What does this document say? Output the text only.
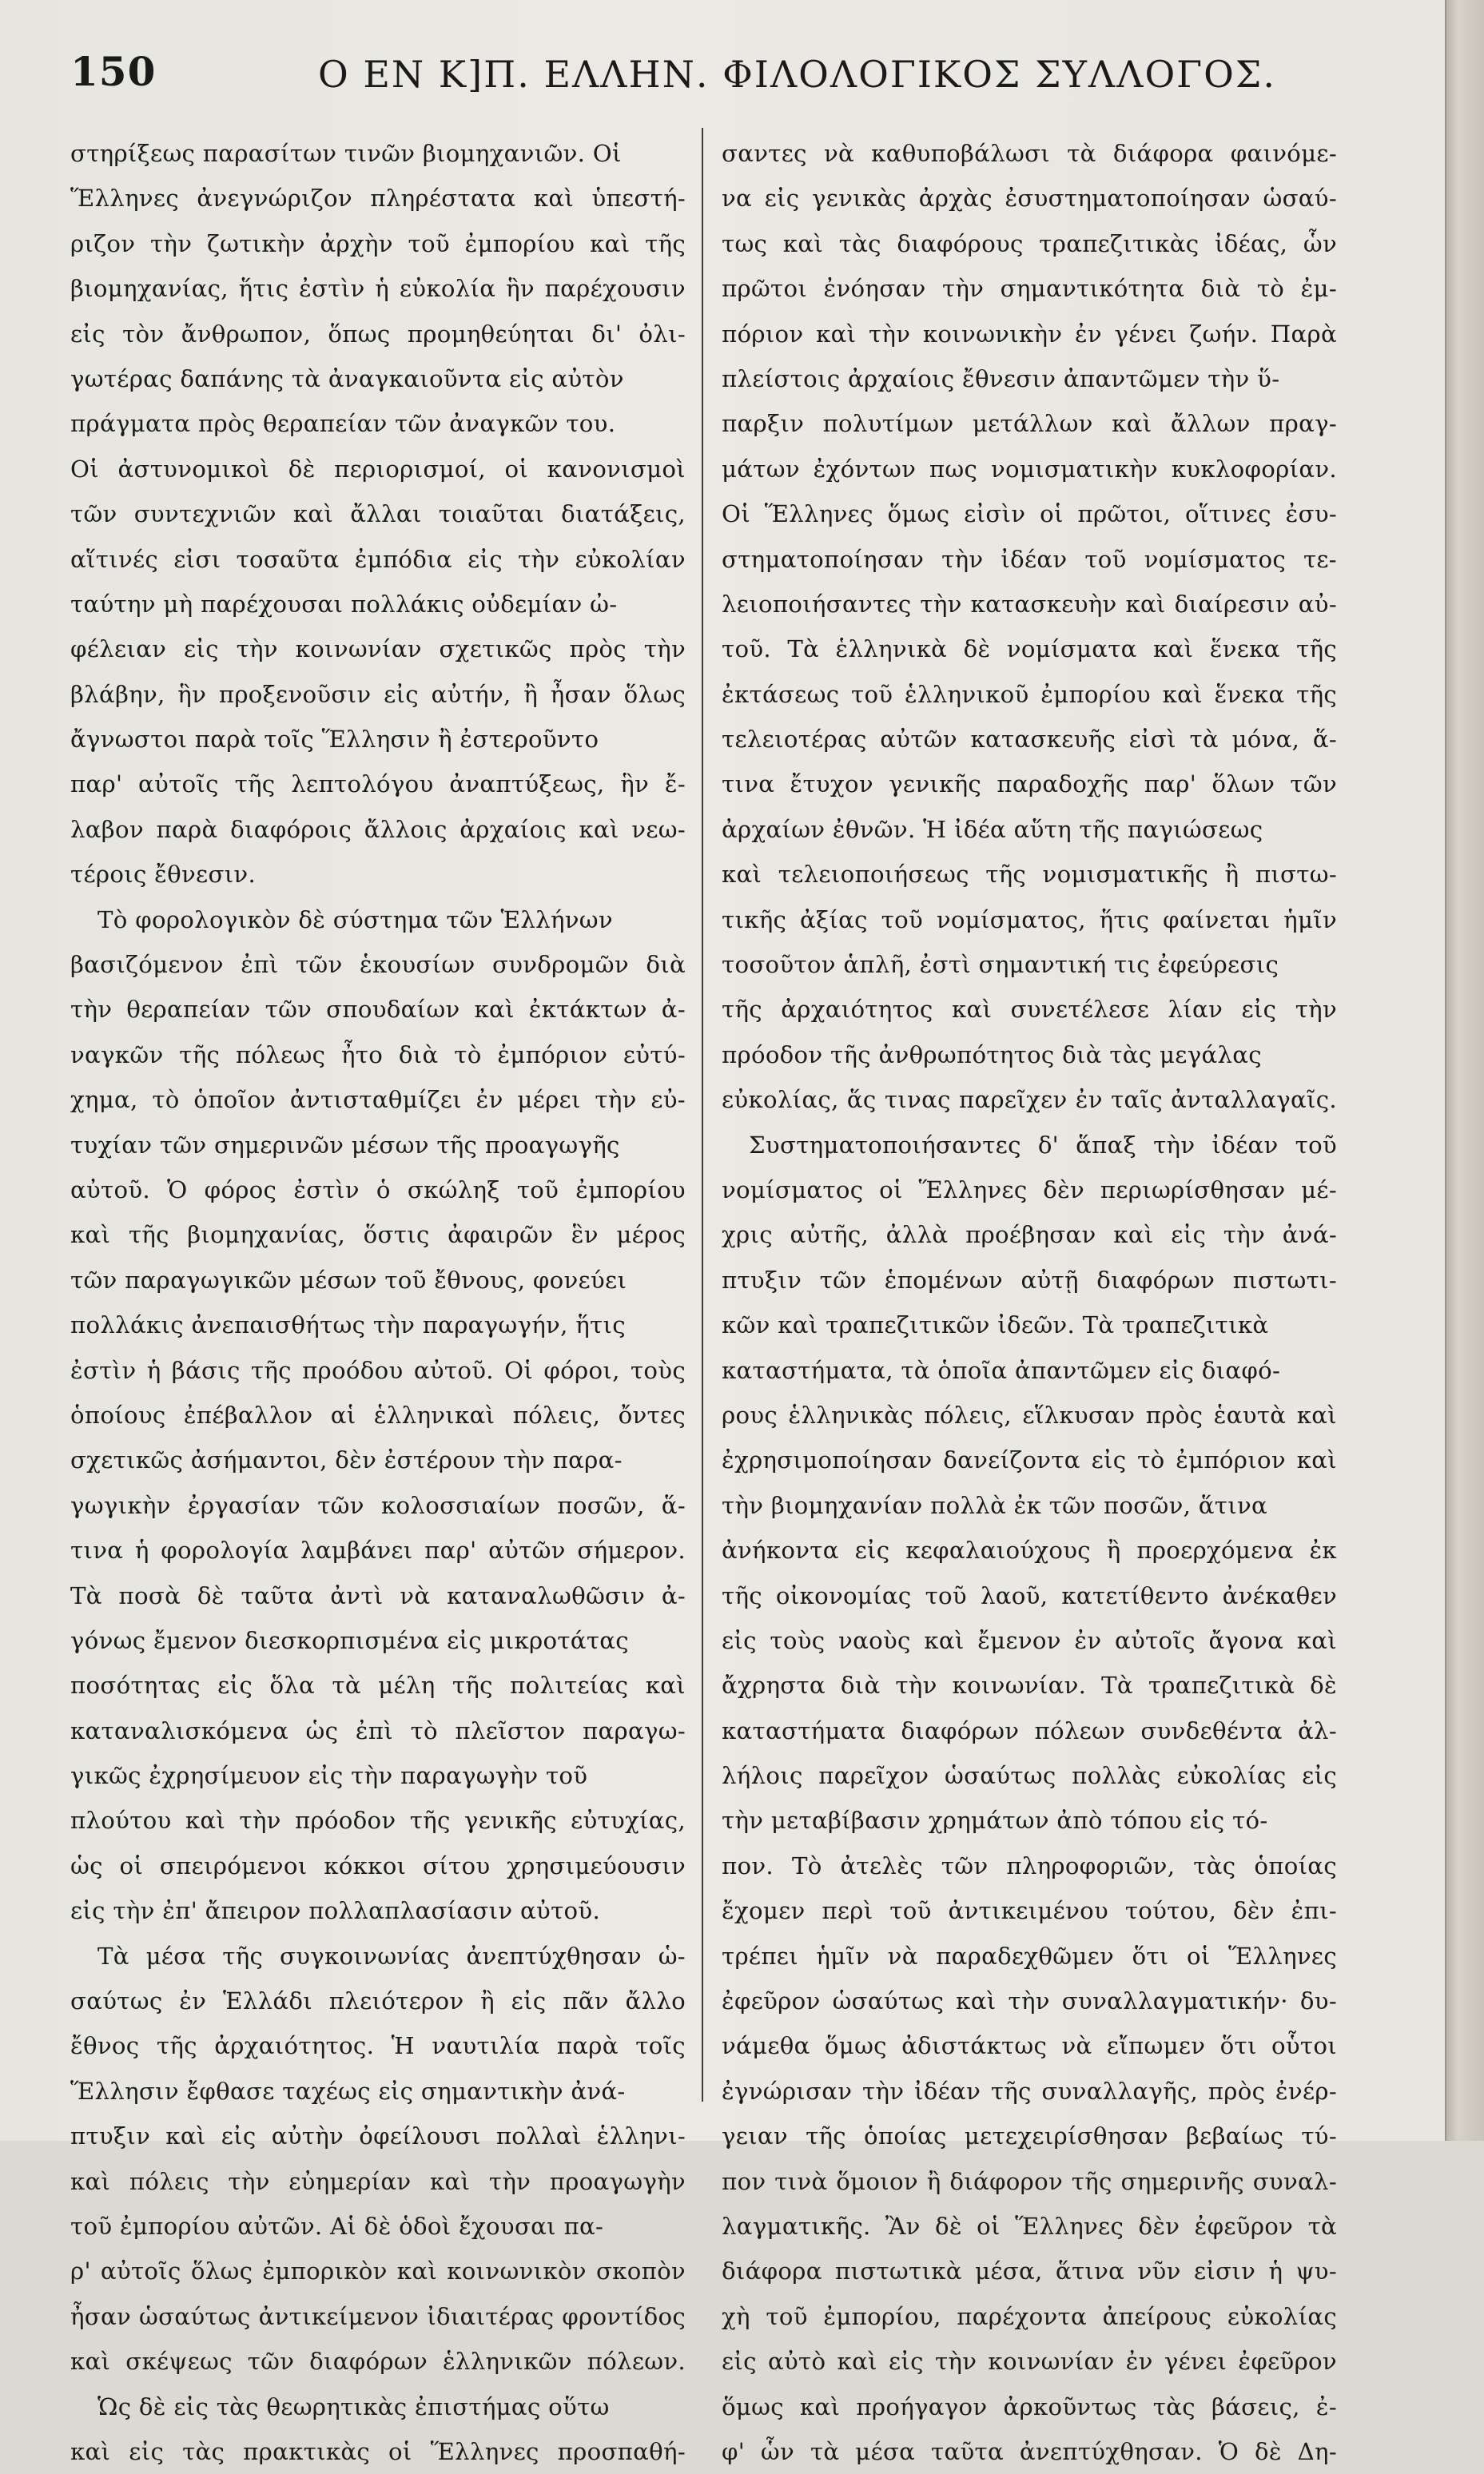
150	Ο ΕΝ Κ]Π. ΕΛΛΗΝ. ΦΙΛΟΛΟΓΙΚΟΣ ΣΥΛΛΟΓΟΣ.
στηρίξεως παρασίτων τινῶν βιομηχανιῶν. Οἱ
Ἕλληνες ἀνεγνώριζον πληρέστατα καὶ ὑπεστή-
ριζον τὴν ζωτικὴν ἀρχὴν τοῦ ἐμπορίου καὶ τῆς
βιομηχανίας, ἥτις ἐστὶν ἡ εὐκολία ἣν παρέχουσιν
εἰς τὸν ἄνθρωπον, ὅπως προμηθεύηται δι' ὀλι-
γωτέρας δαπάνης τὰ ἀναγκαιοῦντα εἰς αὐτὸν
πράγματα πρὸς θεραπείαν τῶν ἀναγκῶν του.
Οἱ ἀστυνομικοὶ δὲ περιορισμοί, οἱ κανονισμοὶ
τῶν συντεχνιῶν καὶ ἄλλαι τοιαῦται διατάξεις,
αἵτινές εἰσι τοσαῦτα ἐμπόδια εἰς τὴν εὐκολίαν
ταύτην μὴ παρέχουσαι πολλάκις οὐδεμίαν ὠ-
φέλειαν εἰς τὴν κοινωνίαν σχετικῶς πρὸς τὴν
βλάβην, ἣν προξενοῦσιν εἰς αὐτήν, ἢ ἦσαν ὅλως
ἄγνωστοι παρὰ τοῖς Ἕλλησιν ἢ ἐστεροῦντο
παρ' αὐτοῖς τῆς λεπτολόγου ἀναπτύξεως, ἣν ἔ-
λαβον παρὰ διαφόροις ἄλλοις ἀρχαίοις καὶ νεω-
τέροις ἔθνεσιν.
Τὸ φορολογικὸν δὲ σύστημα τῶν Ἑλλήνων
βασιζόμενον ἐπὶ τῶν ἑκουσίων συνδρομῶν διὰ
τὴν θεραπείαν τῶν σπουδαίων καὶ ἐκτάκτων ἀ-
ναγκῶν τῆς πόλεως ἦτο διὰ τὸ ἐμπόριον εὐτύ-
χημα, τὸ ὁποῖον ἀντισταθμίζει ἐν μέρει τὴν εὐ-
τυχίαν τῶν σημερινῶν μέσων τῆς προαγωγῆς
αὐτοῦ. Ὁ φόρος ἐστὶν ὁ σκώληξ τοῦ ἐμπορίου
καὶ τῆς βιομηχανίας, ὅστις ἀφαιρῶν ἓν μέρος
τῶν παραγωγικῶν μέσων τοῦ ἔθνους, φονεύει
πολλάκις ἀνεπαισθήτως τὴν παραγωγήν, ἥτις
ἐστὶν ἡ βάσις τῆς προόδου αὐτοῦ. Οἱ φόροι, τοὺς
ὁποίους ἐπέβαλλον αἱ ἑλληνικαὶ πόλεις, ὄντες
σχετικῶς ἀσήμαντοι, δὲν ἐστέρουν τὴν παρα-
γωγικὴν ἐργασίαν τῶν κολοσσιαίων ποσῶν, ἅ-
τινα ἡ φορολογία λαμβάνει παρ' αὐτῶν σήμερον.
Τὰ ποσὰ δὲ ταῦτα ἀντὶ νὰ καταναλωθῶσιν ἀ-
γόνως ἔμενον διεσκορπισμένα εἰς μικροτάτας
ποσότητας εἰς ὅλα τὰ μέλη τῆς πολιτείας καὶ
καταναλισκόμενα ὡς ἐπὶ τὸ πλεῖστον παραγω-
γικῶς ἐχρησίμευον εἰς τὴν παραγωγὴν τοῦ
πλούτου καὶ τὴν πρόοδον τῆς γενικῆς εὐτυχίας,
ὡς οἱ σπειρόμενοι κόκκοι σίτου χρησιμεύουσιν
εἰς τὴν ἐπ' ἄπειρον πολλαπλασίασιν αὐτοῦ.
Τὰ μέσα τῆς συγκοινωνίας ἀνεπτύχθησαν ὡ-
σαύτως ἐν Ἑλλάδι πλειότερον ἢ εἰς πᾶν ἄλλο
ἔθνος τῆς ἀρχαιότητος. Ἡ ναυτιλία παρὰ τοῖς
Ἕλλησιν ἔφθασε ταχέως εἰς σημαντικὴν ἀνά-
πτυξιν καὶ εἰς αὐτὴν ὀφείλουσι πολλαὶ ἑλληνι-
καὶ πόλεις τὴν εὐημερίαν καὶ τὴν προαγωγὴν
τοῦ ἐμπορίου αὐτῶν. Αἱ δὲ ὁδοὶ ἔχουσαι πα-
ρ' αὐτοῖς ὅλως ἐμπορικὸν καὶ κοινωνικὸν σκοπὸν
ἦσαν ὡσαύτως ἀντικείμενον ἰδιαιτέρας φροντίδος
καὶ σκέψεως τῶν διαφόρων ἑλληνικῶν πόλεων.
Ὡς δὲ εἰς τὰς θεωρητικὰς ἐπιστήμας οὕτω
καὶ εἰς τὰς πρακτικὰς οἱ Ἕλληνες προσπαθή-
σαντες νὰ καθυποβάλωσι τὰ διάφορα φαινόμε-
να εἰς γενικὰς ἀρχὰς ἐσυστηματοποίησαν ὡσαύ-
τως καὶ τὰς διαφόρους τραπεζιτικὰς ἰδέας, ὧν
πρῶτοι ἐνόησαν τὴν σημαντικότητα διὰ τὸ ἐμ-
πόριον καὶ τὴν κοινωνικὴν ἐν γένει ζωήν. Παρὰ
πλείστοις ἀρχαίοις ἔθνεσιν ἀπαντῶμεν τὴν ὕ-
παρξιν πολυτίμων μετάλλων καὶ ἄλλων πραγ-
μάτων ἐχόντων πως νομισματικὴν κυκλοφορίαν.
Οἱ Ἕλληνες ὅμως εἰσὶν οἱ πρῶτοι, οἵτινες ἐσυ-
στηματοποίησαν τὴν ἰδέαν τοῦ νομίσματος τε-
λειοποιήσαντες τὴν κατασκευὴν καὶ διαίρεσιν αὐ-
τοῦ. Τὰ ἑλληνικὰ δὲ νομίσματα καὶ ἕνεκα τῆς
ἐκτάσεως τοῦ ἑλληνικοῦ ἐμπορίου καὶ ἕνεκα τῆς
τελειοτέρας αὐτῶν κατασκευῆς εἰσὶ τὰ μόνα, ἅ-
τινα ἔτυχον γενικῆς παραδοχῆς παρ' ὅλων τῶν
ἀρχαίων ἐθνῶν. Ἡ ἰδέα αὕτη τῆς παγιώσεως
καὶ τελειοποιήσεως τῆς νομισματικῆς ἢ πιστω-
τικῆς ἀξίας τοῦ νομίσματος, ἥτις φαίνεται ἡμῖν
τοσοῦτον ἁπλῆ, ἐστὶ σημαντική τις ἐφεύρεσις
τῆς ἀρχαιότητος καὶ συνετέλεσε λίαν εἰς τὴν
πρόοδον τῆς ἀνθρωπότητος διὰ τὰς μεγάλας
εὐκολίας, ἅς τινας παρεῖχεν ἐν ταῖς ἀνταλλαγαῖς.
Συστηματοποιήσαντες δ' ἅπαξ τὴν ἰδέαν τοῦ
νομίσματος οἱ Ἕλληνες δὲν περιωρίσθησαν μέ-
χρις αὐτῆς, ἀλλὰ προέβησαν καὶ εἰς τὴν ἀνά-
πτυξιν τῶν ἑπομένων αὐτῇ διαφόρων πιστωτι-
κῶν καὶ τραπεζιτικῶν ἰδεῶν. Τὰ τραπεζιτικὰ
καταστήματα, τὰ ὁποῖα ἀπαντῶμεν εἰς διαφό-
ρους ἑλληνικὰς πόλεις, εἵλκυσαν πρὸς ἑαυτὰ καὶ
ἐχρησιμοποίησαν δανείζοντα εἰς τὸ ἐμπόριον καὶ
τὴν βιομηχανίαν πολλὰ ἐκ τῶν ποσῶν, ἅτινα
ἀνήκοντα εἰς κεφαλαιούχους ἢ προερχόμενα ἐκ
τῆς οἰκονομίας τοῦ λαοῦ, κατετίθεντο ἀνέκαθεν
εἰς τοὺς ναοὺς καὶ ἔμενον ἐν αὐτοῖς ἄγονα καὶ
ἄχρηστα διὰ τὴν κοινωνίαν. Τὰ τραπεζιτικὰ δὲ
καταστήματα διαφόρων πόλεων συνδεθέντα ἀλ-
λήλοις παρεῖχον ὡσαύτως πολλὰς εὐκολίας εἰς
τὴν μεταβίβασιν χρημάτων ἀπὸ τόπου εἰς τό-
πον. Τὸ ἀτελὲς τῶν πληροφοριῶν, τὰς ὁποίας
ἔχομεν περὶ τοῦ ἀντικειμένου τούτου, δὲν ἐπι-
τρέπει ἡμῖν νὰ παραδεχθῶμεν ὅτι οἱ Ἕλληνες
ἐφεῦρον ὡσαύτως καὶ τὴν συναλλαγματικήν· δυ-
νάμεθα ὅμως ἀδιστάκτως νὰ εἴπωμεν ὅτι οὗτοι
ἐγνώρισαν τὴν ἰδέαν τῆς συναλλαγῆς, πρὸς ἐνέρ-
γειαν τῆς ὁποίας μετεχειρίσθησαν βεβαίως τύ-
πον τινὰ ὅμοιον ἢ διάφορον τῆς σημερινῆς συναλ-
λαγματικῆς. Ἂν δὲ οἱ Ἕλληνες δὲν ἐφεῦρον τὰ
διάφορα πιστωτικὰ μέσα, ἅτινα νῦν εἰσιν ἡ ψυ-
χὴ τοῦ ἐμπορίου, παρέχοντα ἀπείρους εὐκολίας
εἰς αὐτὸ καὶ εἰς τὴν κοινωνίαν ἐν γένει ἐφεῦρον
ὅμως καὶ προήγαγον ἀρκοῦντως τὰς βάσεις, ἐ-
φ' ὧν τὰ μέσα ταῦτα ἀνεπτύχθησαν. Ὁ δὲ Δη-
